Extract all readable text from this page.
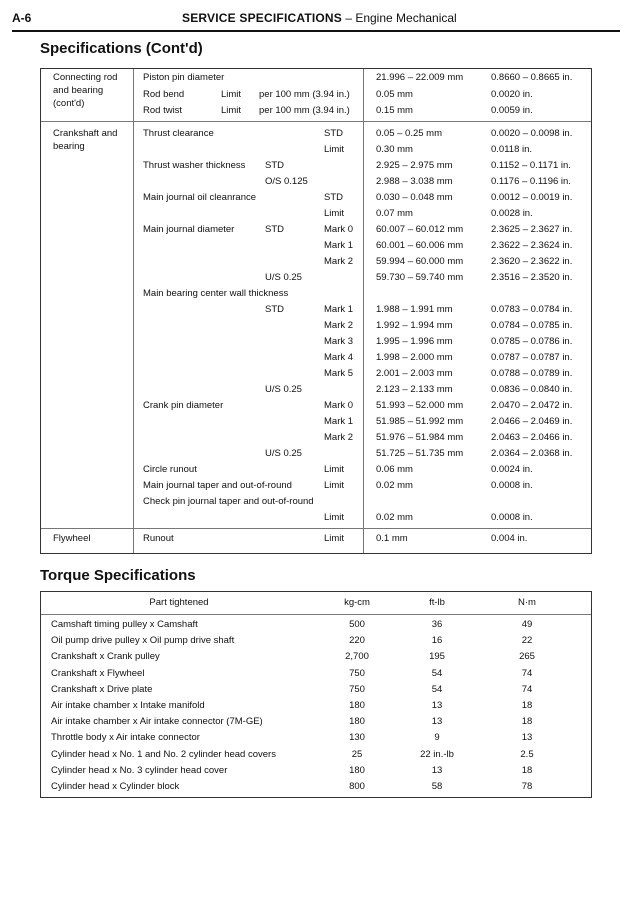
A-6	SERVICE SPECIFICATIONS – Engine Mechanical
Specifications (Cont'd)
Connecting rod
and bearing
(cont'd)
Piston pin diameter	21.996 – 22.009 mm	0.8660 – 0.8665 in.
Rod bend	Limit per 100 mm (3.94 in.)	0.05 mm	0.0020 in.
Rod twist	Limit per 100 mm (3.94 in.)	0.15 mm	0.0059 in.
Crankshaft and
bearing
Thrust clearance	STD	0.05 – 0.25 mm	0.0020 – 0.0098 in.
Limit	0.30 mm	0.0118 in.
Thrust washer thickness STD	2.925 – 2.975 mm	0.1152 – 0.1171 in.
O/S 0.125	2.988 – 3.038 mm	0.1176 – 0.1196 in.
Main journal oil cleanrance	STD	0.030 – 0.048 mm	0.0012 – 0.0019 in.
Limit	0.07 mm	0.0028 in.
Main journal diameter	STD	Mark 0 60.007 – 60.012 mm	2.3625 – 2.3627 in.
Mark 1 60.001 – 60.006 mm	2.3622 – 2.3624 in.
Mark 2 59.994 – 60.000 mm	2.3620 – 2.3622 in.
U/S 0.25	59.730 – 59.740 mm	2.3516 – 2.3520 in.
Main bearing center wall thickness
STD	Mark 1 1.988 – 1.991 mm	0.0783 – 0.0784 in.
Mark 2 1.992 – 1.994 mm	0.0784 – 0.0785 in.
Mark 3 1.995 – 1.996 mm	0.0785 – 0.0786 in.
Mark 4 1.998 – 2.000 mm	0.0787 – 0.0787 in.
Mark 5 2.001 – 2.003 mm	0.0788 – 0.0789 in.
U/S 0.25	2.123 – 2.133 mm	0.0836 – 0.0840 in.
Crank pin diameter	Mark 0 51.993 – 52.000 mm	2.0470 – 2.0472 in.
Mark 1 51.985 – 51.992 mm	2.0466 – 2.0469 in.
Mark 2 51.976 – 51.984 mm	2.0463 – 2.0466 in.
U/S 0.25	51.725 – 51.735 mm	2.0364 – 2.0368 in.
Circle runout	Limit	0.06 mm	0.0024 in.
Main journal taper and out-of-round	Limit	0.02 mm	0.0008 in.
Check pin journal taper and out-of-round
Limit	0.02 mm	0.0008 in.
Flywheel	Runout	Limit	0.1 mm	0.004 in.
Torque Specifications
Part tightened	kg-cm	ft-lb	N·m
Camshaft timing pulley x Camshaft	500	36	49
Oil pump drive pulley x Oil pump drive shaft	220	16	22
Crankshaft x Crank pulley	2,700	195	265
Crankshaft x Flywheel	750	54	74
Crankshaft x Drive plate	750	54	74
Air intake chamber x Intake manifold	180	13	18
Air intake chamber x Air intake connector (7M-GE)	180	13	18
Throttle body x Air intake connector	130	9	13
Cylinder head x No. 1 and No. 2 cylinder head covers	25	22 in.-lb	2.5
Cylinder head x No. 3 cylinder head cover	180	13	18
Cylinder head x Cylinder block	800	58	78
